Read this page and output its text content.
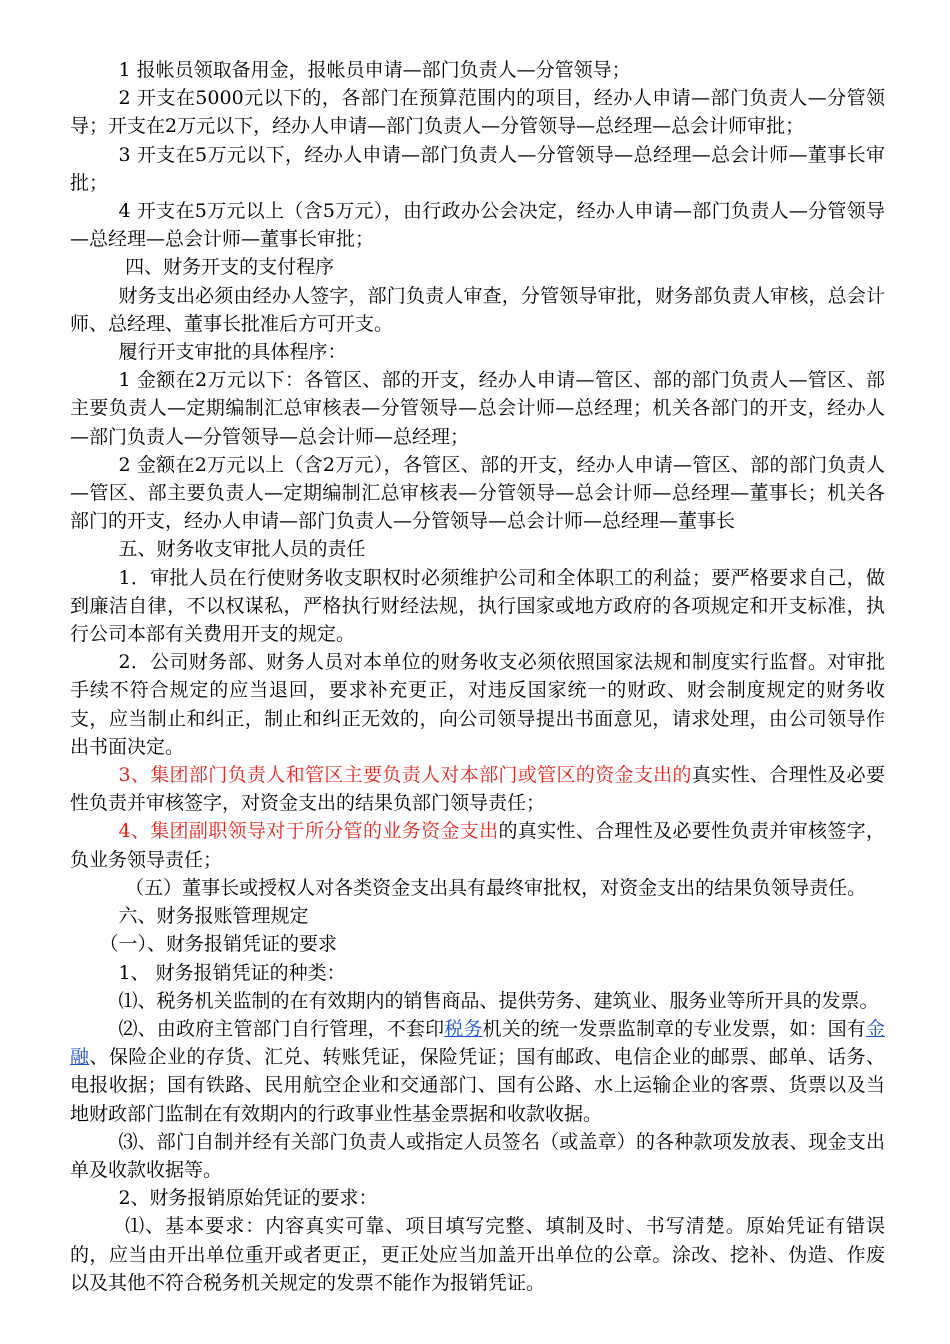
1 报帐员领取备用金，报帐员申请—部门负责人—分管领导；

2 开支在5000元以下的，各部门在预算范围内的项目，经办人申请—部门负责人—分管领导；开支在2万元以下，经办人申请—部门负责人—分管领导—总经理—总会计师审批；

3 开支在5万元以下，经办人申请—部门负责人—分管领导—总经理—总会计师—董事长审批；

4 开支在5万元以上（含5万元），由行政办公会决定，经办人申请—部门负责人—分管领导—总经理—总会计师—董事长审批；

四、财务开支的支付程序

财务支出必须由经办人签字，部门负责人审查，分管领导审批，财务部负责人审核，总会计师、总经理、董事长批准后方可开支。

履行开支审批的具体程序：

1 金额在2万元以下：各管区、部的开支，经办人申请—管区、部的部门负责人—管区、部主要负责人—定期编制汇总审核表—分管领导—总会计师—总经理；机关各部门的开支，经办人—部门负责人—分管领导—总会计师—总经理；

2 金额在2万元以上（含2万元），各管区、部的开支，经办人申请—管区、部的部门负责人—管区、部主要负责人—定期编制汇总审核表—分管领导—总会计师—总经理—董事长；机关各部门的开支，经办人申请—部门负责人—分管领导—总会计师—总经理—董事长

五、财务收支审批人员的责任

1．审批人员在行使财务收支职权时必须维护公司和全体职工的利益；要严格要求自己，做到廉洁自律，不以权谋私，严格执行财经法规，执行国家或地方政府的各项规定和开支标准，执行公司本部有关费用开支的规定。

2．公司财务部、财务人员对本单位的财务收支必须依照国家法规和制度实行监督。对审批手续不符合规定的应当退回，要求补充更正，对违反国家统一的财政、财会制度规定的财务收支，应当制止和纠正，制止和纠正无效的，向公司领导提出书面意见，请求处理，由公司领导作出书面决定。

3、集团部门负责人和管区主要负责人对本部门或管区的资金支出的真实性、合理性及必要性负责并审核签字，对资金支出的结果负部门领导责任；

4、集团副职领导对于所分管的业务资金支出的真实性、合理性及必要性负责并审核签字，负业务领导责任；

（五）董事长或授权人对各类资金支出具有最终审批权，对资金支出的结果负领导责任。

六、财务报账管理规定

（一）、财务报销凭证的要求

1、 财务报销凭证的种类：

⑴、税务机关监制的在有效期内的销售商品、提供劳务、建筑业、服务业等所开具的发票。

⑵、由政府主管部门自行管理，不套印税务机关的统一发票监制章的专业发票，如：国有金融、保险企业的存货、汇兑、转账凭证，保险凭证；国有邮政、电信企业的邮票、邮单、话务、电报收据；国有铁路、民用航空企业和交通部门、国有公路、水上运输企业的客票、货票以及当地财政部门监制在有效期内的行政事业性基金票据和收款收据。

⑶、部门自制并经有关部门负责人或指定人员签名（或盖章）的各种款项发放表、现金支出单及收款收据等。

2、财务报销原始凭证的要求：

⑴、基本要求：内容真实可靠、项目填写完整、填制及时、书写清楚。原始凭证有错误的，应当由开出单位重开或者更正，更正处应当加盖开出单位的公章。涂改、挖补、伪造、作废以及其他不符合税务机关规定的发票不能作为报销凭证。
